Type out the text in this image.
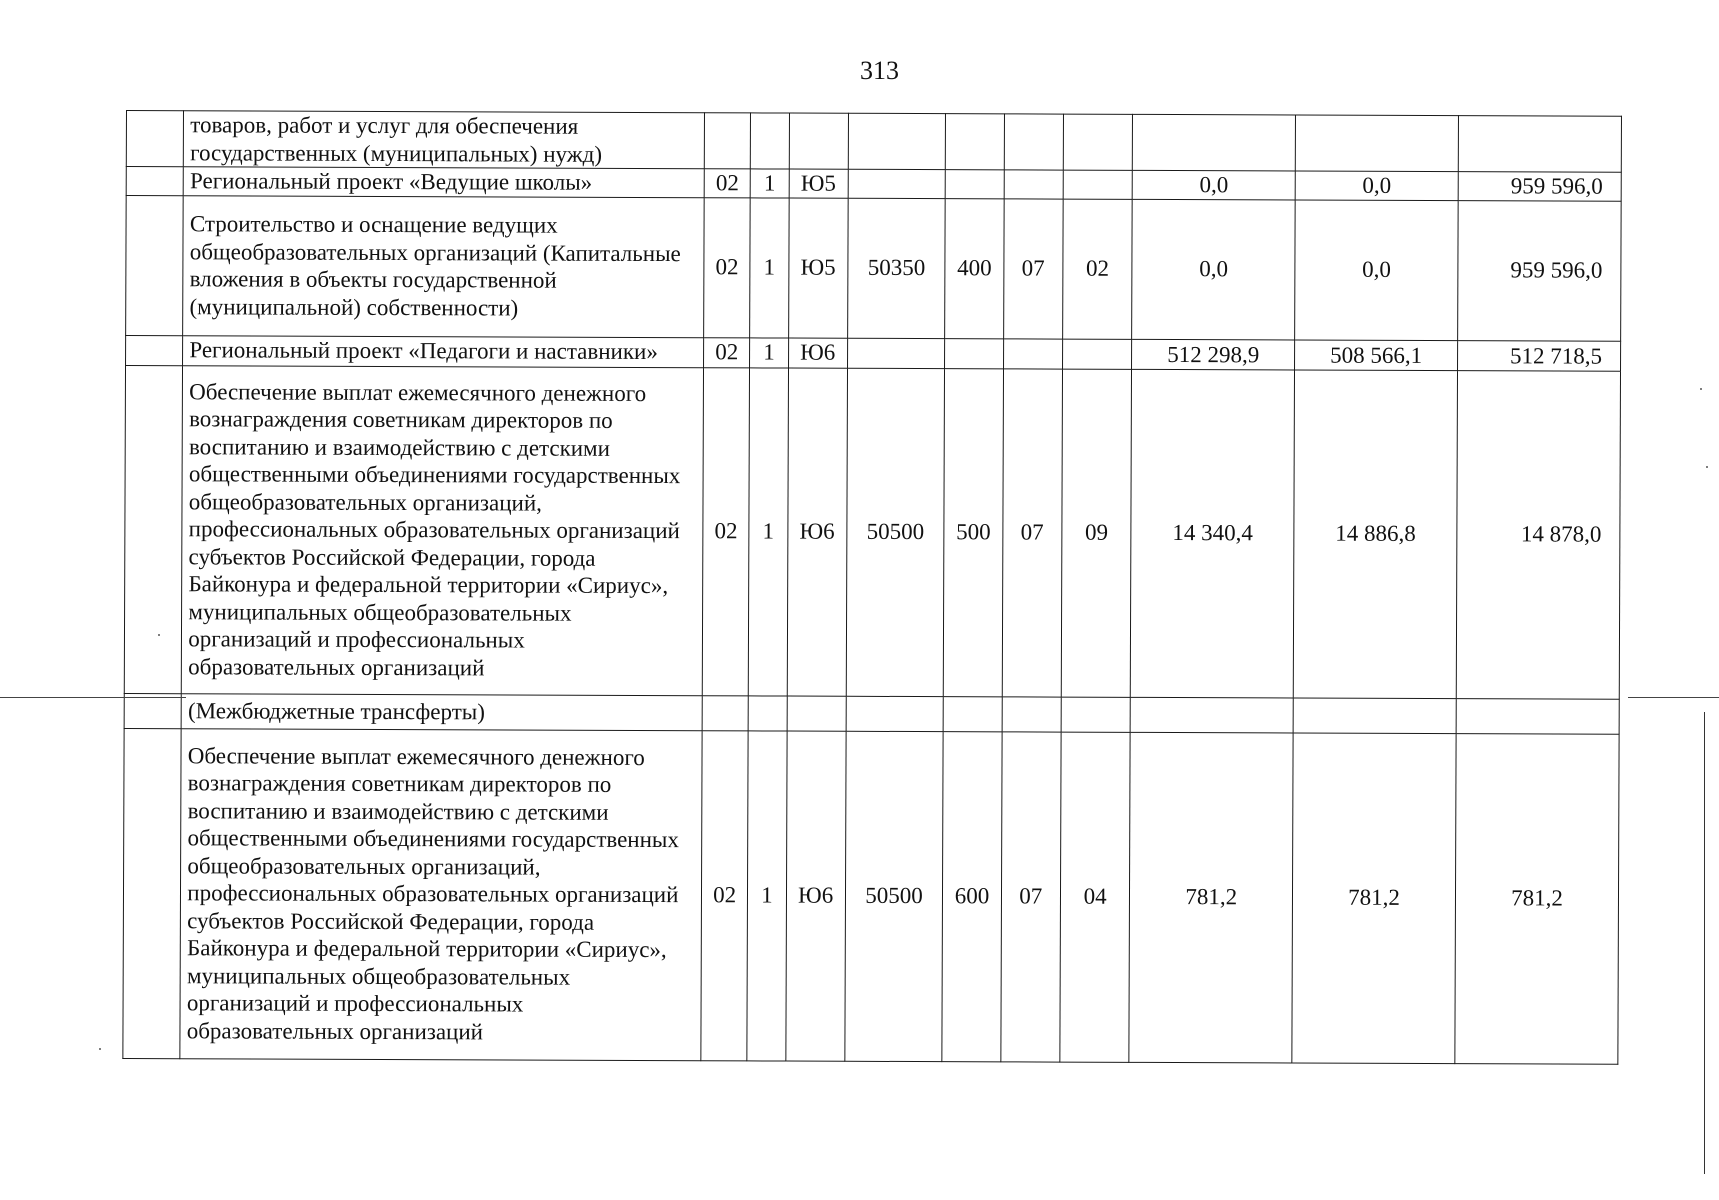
313
	товаров, работ и услуг для обеспечения государственных (муниципальных) нужд)										
	Региональный проект «Ведущие школы»	02	1	Ю5					0,0	0,0	959 596,0
	Строительство и оснащение ведущих общеобразовательных организаций (Капитальные вложения в объекты государственной (муниципальной) собственности)	02	1	Ю5	50350	400	07	02	0,0	0,0	959 596,0
	Региональный проект «Педагоги и наставники»	02	1	Ю6					512 298,9	508 566,1	512 718,5
	Обеспечение выплат ежемесячного денежного вознаграждения советникам директоров по воспитанию и взаимодействию с детскими общественными объединениями государственных общеобразовательных организаций, профессиональных образовательных организаций субъектов Российской Федерации, города Байконура и федеральной территории «Сириус», муниципальных общеобразовательных организаций и профессиональных образовательных организаций	02	1	Ю6	50500	500	07	09	14 340,4	14 886,8	14 878,0
	(Межбюджетные трансферты)										
	Обеспечение выплат ежемесячного денежного вознаграждения советникам директоров по воспитанию и взаимодействию с детскими общественными объединениями государственных общеобразовательных организаций, профессиональных образовательных организаций субъектов Российской Федерации, города Байконура и федеральной территории «Сириус», муниципальных общеобразовательных организаций и профессиональных образовательных организаций	02	1	Ю6	50500	600	07	04	781,2	781,2	781,2
